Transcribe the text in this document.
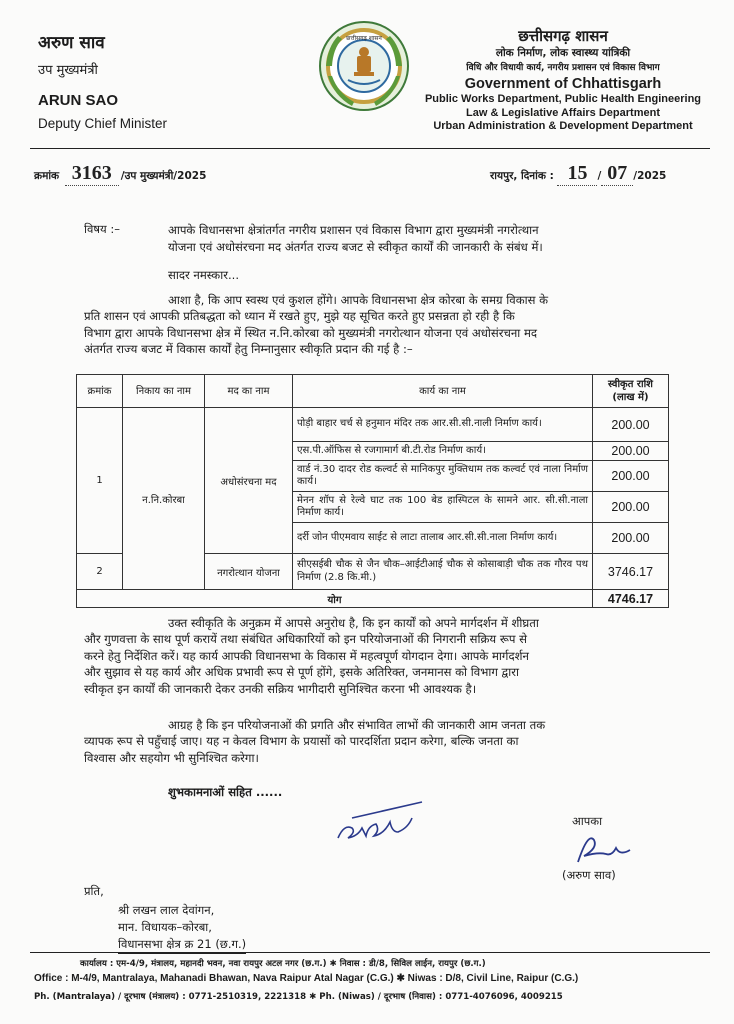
अरुण साव
उप मुख्यमंत्री
ARUN SAO
Deputy Chief Minister
छत्तीसगढ़ शासन	छत्तीसगढ़ शासन
लोक निर्माण, लोक स्वास्थ्य यांत्रिकी
विधि और विधायी कार्य, नगरीय प्रशासन एवं विकास विभाग
Government of Chhattisgarh
Public Works Department, Public Health Engineering
Law & Legislative Affairs Department
Urban Administration & Development Department
क्रमांक 3163 /उप मुख्यमंत्री/2025	रायपुर, दिनांक : 15 / 07 /2025
विषय :–	आपके विधानसभा क्षेत्रांतर्गत नगरीय प्रशासन एवं विकास विभाग द्वारा मुख्यमंत्री नगरोत्थान
योजना एवं अधोसंरचना मद अंतर्गत राज्य बजट से स्वीकृत कार्यों की जानकारी के संबंध में।
सादर नमस्कार...
आशा है, कि आप स्वस्थ एवं कुशल होंगे। आपके विधानसभा क्षेत्र कोरबा के समग्र विकास के
प्रति शासन एवं आपकी प्रतिबद्धता को ध्यान में रखते हुए, मुझे यह सूचित करते हुए प्रसन्नता हो रही है कि
विभाग द्वारा आपके विधानसभा क्षेत्र में स्थित न.नि.कोरबा को मुख्यमंत्री नगरोत्थान योजना एवं अधोसंरचना मद
अंतर्गत राज्य बजट में विकास कार्यों हेतु निम्नानुसार स्वीकृति प्रदान की गई है :–
क्रमांक	निकाय का नाम	मद का नाम	कार्य का नाम	स्वीकृत राशि (लाख में)
1	न.नि.कोरबा	अधोसंरचना मद	पोड़ी बाहार चर्च से हनुमान मंदिर तक आर.सी.सी.नाली निर्माण कार्य।	200.00
			एस.पी.ऑफिस से रजगामार्ग बी.टी.रोड निर्माण कार्य।	200.00
			वार्ड नं.30 दादर रोड कल्वर्ट से मानिकपुर मुक्तिधाम तक कल्वर्ट एवं नाला निर्माण कार्य।	200.00
			मेनन शॉप से रेल्वे घाट तक 100 बेड हास्पिटल के सामने आर. सी.सी.नाला निर्माण कार्य।	200.00
			दर्री जोन पीएमवाय साईट से लाटा तालाब आर.सी.सी.नाला निर्माण कार्य।	200.00
2		नगरोत्थान योजना	सीएसईबी चौक से जैन चौक–आईटीआई चौक से कोसाबाड़ी चौक तक गौरव पथ निर्माण (2.8 कि.मी.)	3746.17
योग				4746.17
उक्त स्वीकृति के अनुक्रम में आपसे अनुरोध है, कि इन कार्यों को अपने मार्गदर्शन में शीघ्रता
और गुणवत्ता के साथ पूर्ण करायें तथा संबंधित अधिकारियों को इन परियोजनाओं की निगरानी सक्रिय रूप से
करने हेतु निर्देशित करें। यह कार्य आपकी विधानसभा के विकास में महत्वपूर्ण योगदान देगा। आपके मार्गदर्शन
और सुझाव से यह कार्य और अधिक प्रभावी रूप से पूर्ण होंगे, इसके अतिरिक्त, जनमानस को विभाग द्वारा
स्वीकृत इन कार्यों की जानकारी देकर उनकी सक्रिय भागीदारी सुनिश्चित करना भी आवश्यक है।
आग्रह है कि इन परियोजनाओं की प्रगति और संभावित लाभों की जानकारी आम जनता तक
व्यापक रूप से पहुँचाई जाए। यह न केवल विभाग के प्रयासों को पारदर्शिता प्रदान करेगा, बल्कि जनता का
विश्वास और सहयोग भी सुनिश्चित करेगा।
शुभकामनाओं सहित ......
आपका
(अरुण साव)
प्रति,
श्री लखन लाल देवांगन,
मान. विधायक–कोरबा,
विधानसभा क्षेत्र क्र 21 (छ.ग.)
कार्यालय : एम-4/9, मंत्रालय, महानदी भवन, नवा रायपुर अटल नगर (छ.ग.) ✱ निवास : डी/8, सिविल लाईन, रायपुर (छ.ग.)
Office : M-4/9, Mantralaya, Mahanadi Bhawan, Nava Raipur Atal Nagar (C.G.) ✱ Niwas : D/8, Civil Line, Raipur (C.G.)
Ph. (Mantralaya) / दूरभाष (मंत्रालय) : 0771-2510319, 2221318 ✱ Ph. (Niwas) / दूरभाष (निवास) : 0771-4076096, 4009215
